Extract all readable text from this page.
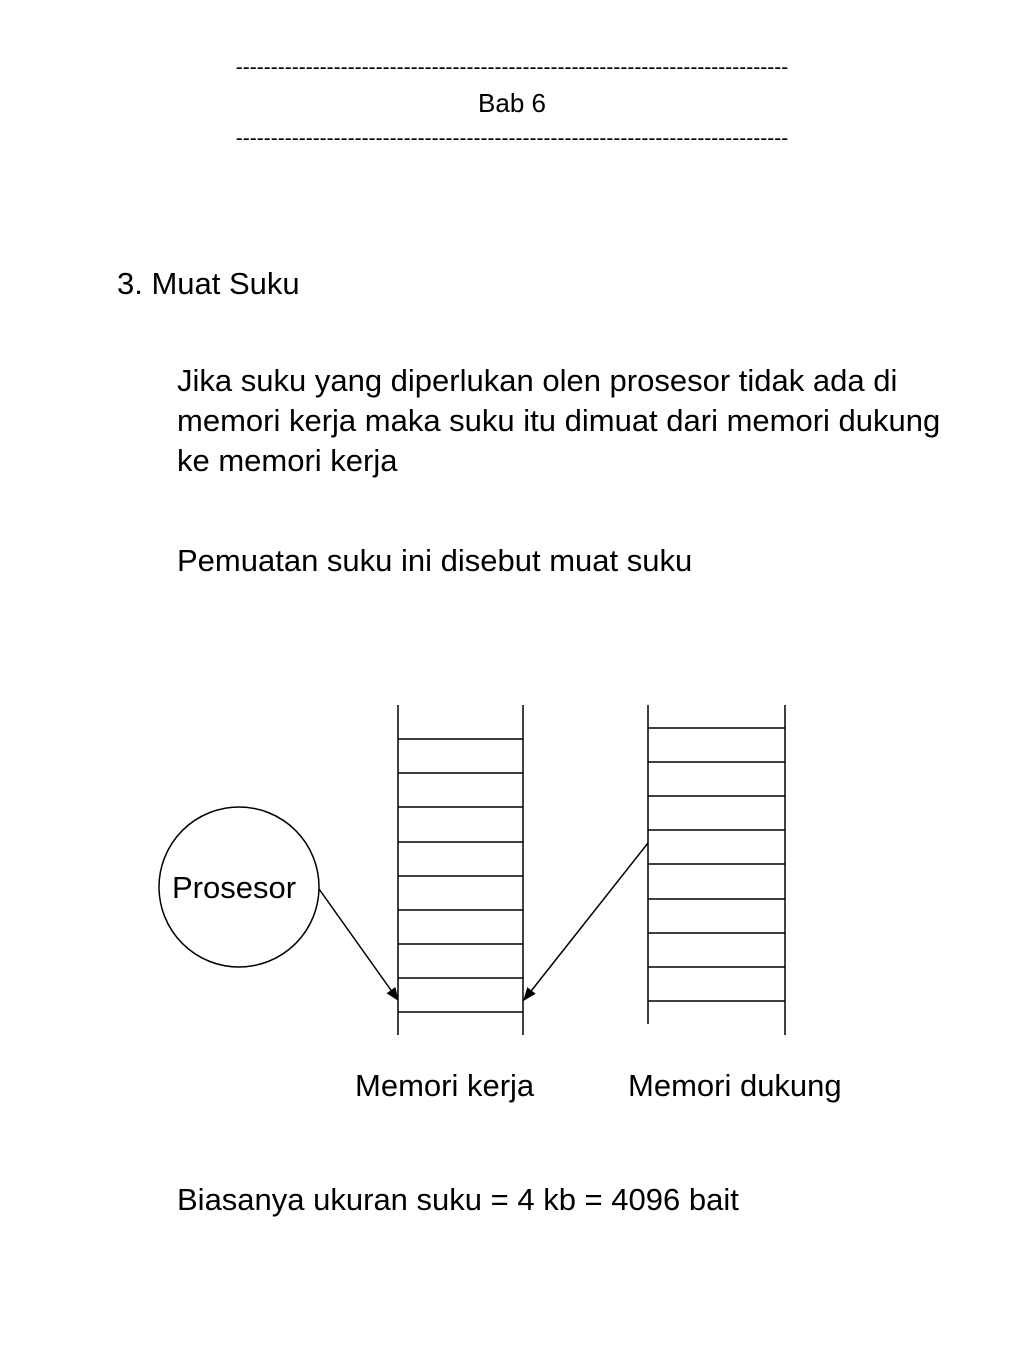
-------------------------------------------------------------------------------
Bab 6
-------------------------------------------------------------------------------
3. Muat Suku
Jika suku yang diperlukan olen prosesor tidak ada di memori kerja maka suku itu dimuat dari memori dukung ke memori kerja
Pemuatan suku ini disebut muat suku
Prosesor
Memori kerja	Memori dukung
Biasanya ukuran suku = 4 kb = 4096 bait
